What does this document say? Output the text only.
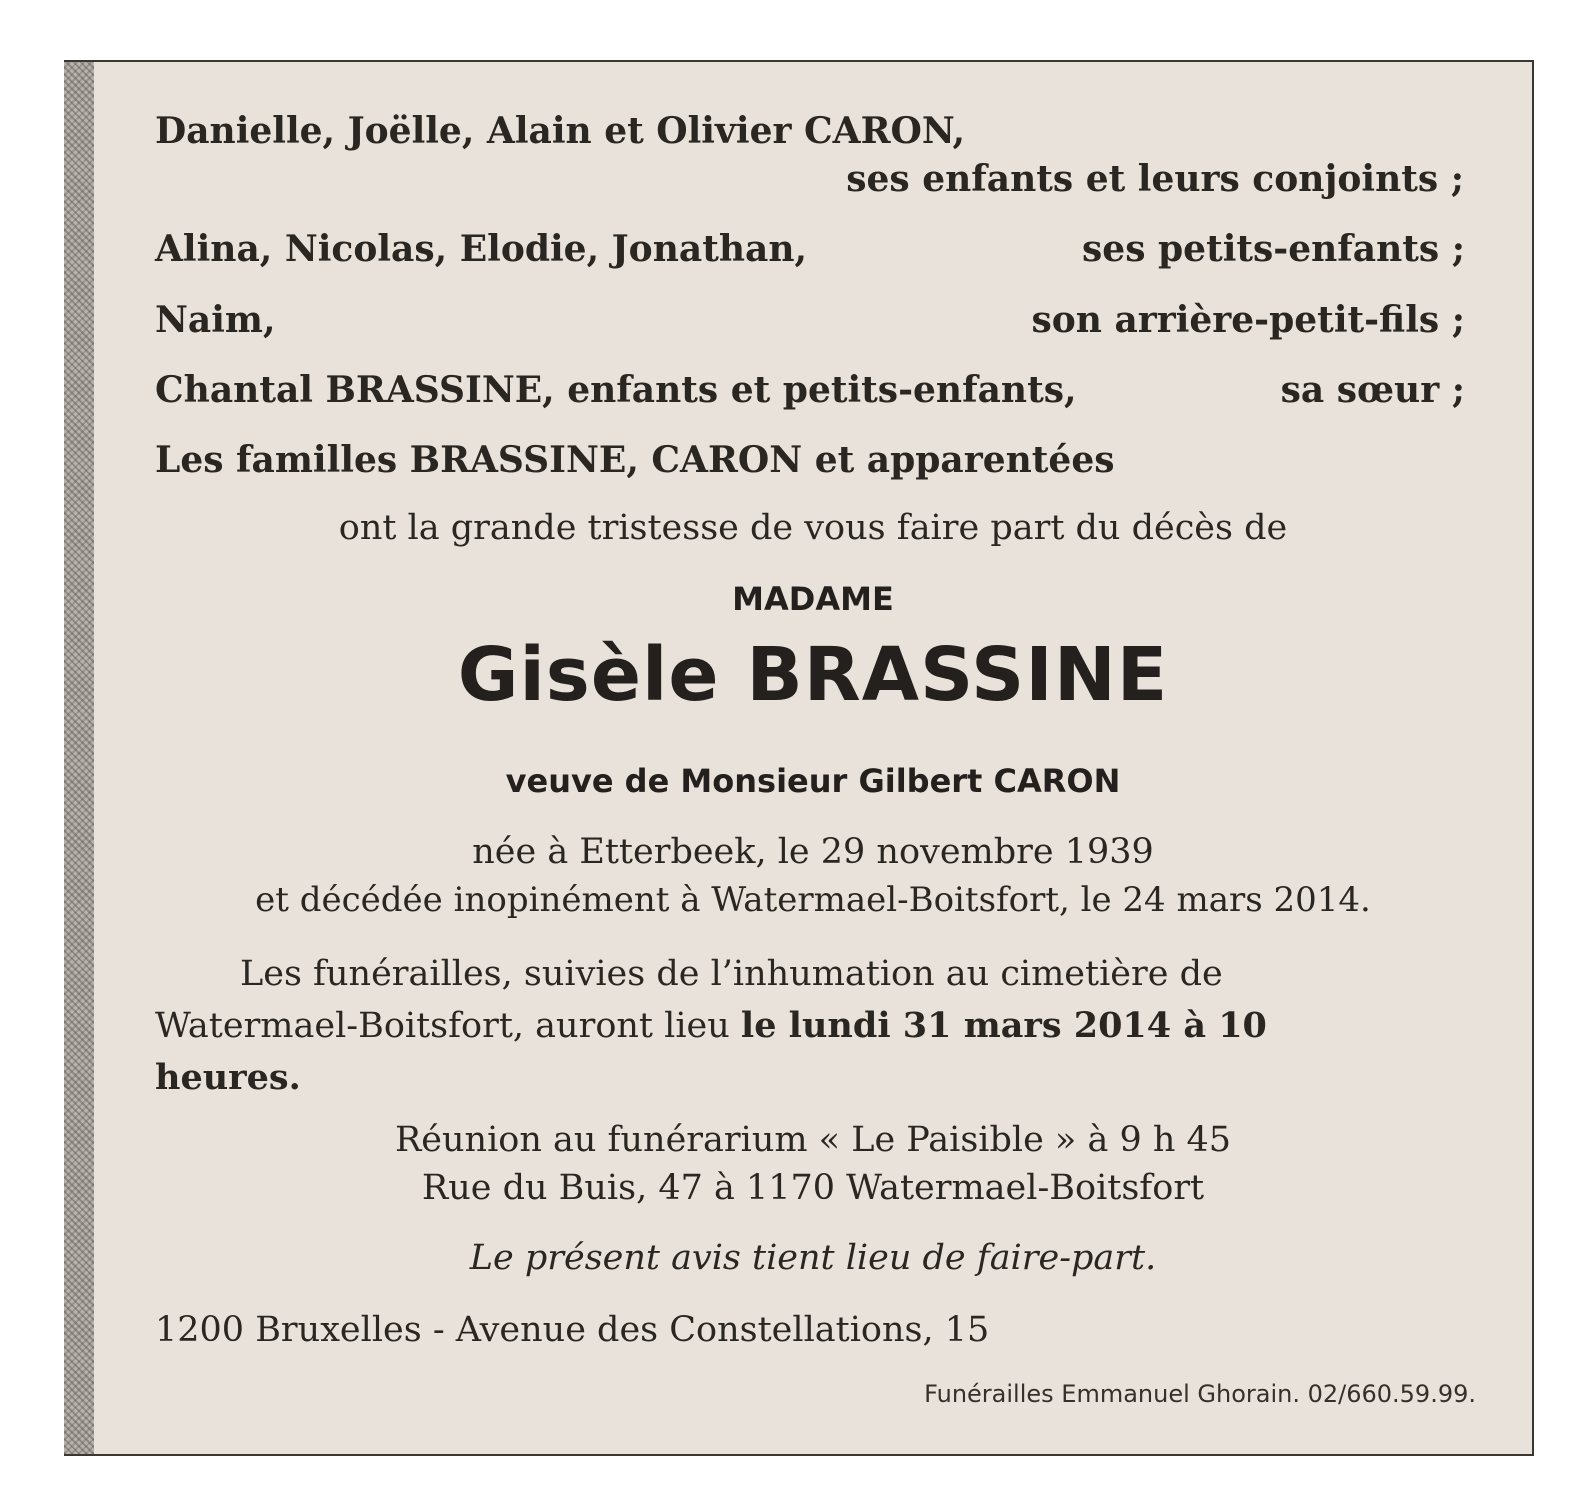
Danielle, Joëlle, Alain et Olivier CARON,
ses enfants et leurs conjoints ;
Alina, Nicolas, Elodie, Jonathan,	ses petits-enfants ;
Naim,	son arrière-petit-fils ;
Chantal BRASSINE, enfants et petits-enfants,	sa sœur ;
Les familles BRASSINE, CARON et apparentées
ont la grande tristesse de vous faire part du décès de
MADAME
Gisèle BRASSINE
veuve de Monsieur Gilbert CARON
née à Etterbeek, le 29 novembre 1939
et décédée inopinément à Watermael-Boitsfort, le 24 mars 2014.
Les funérailles, suivies de l’inhumation au cimetière de Watermael-Boitsfort, auront lieu le lundi 31 mars 2014 à 10 heures.
Réunion au funérarium « Le Paisible » à 9 h 45
Rue du Buis, 47 à 1170 Watermael-Boitsfort
Le présent avis tient lieu de faire-part.
1200 Bruxelles - Avenue des Constellations, 15
Funérailles Emmanuel Ghorain. 02/660.59.99.
